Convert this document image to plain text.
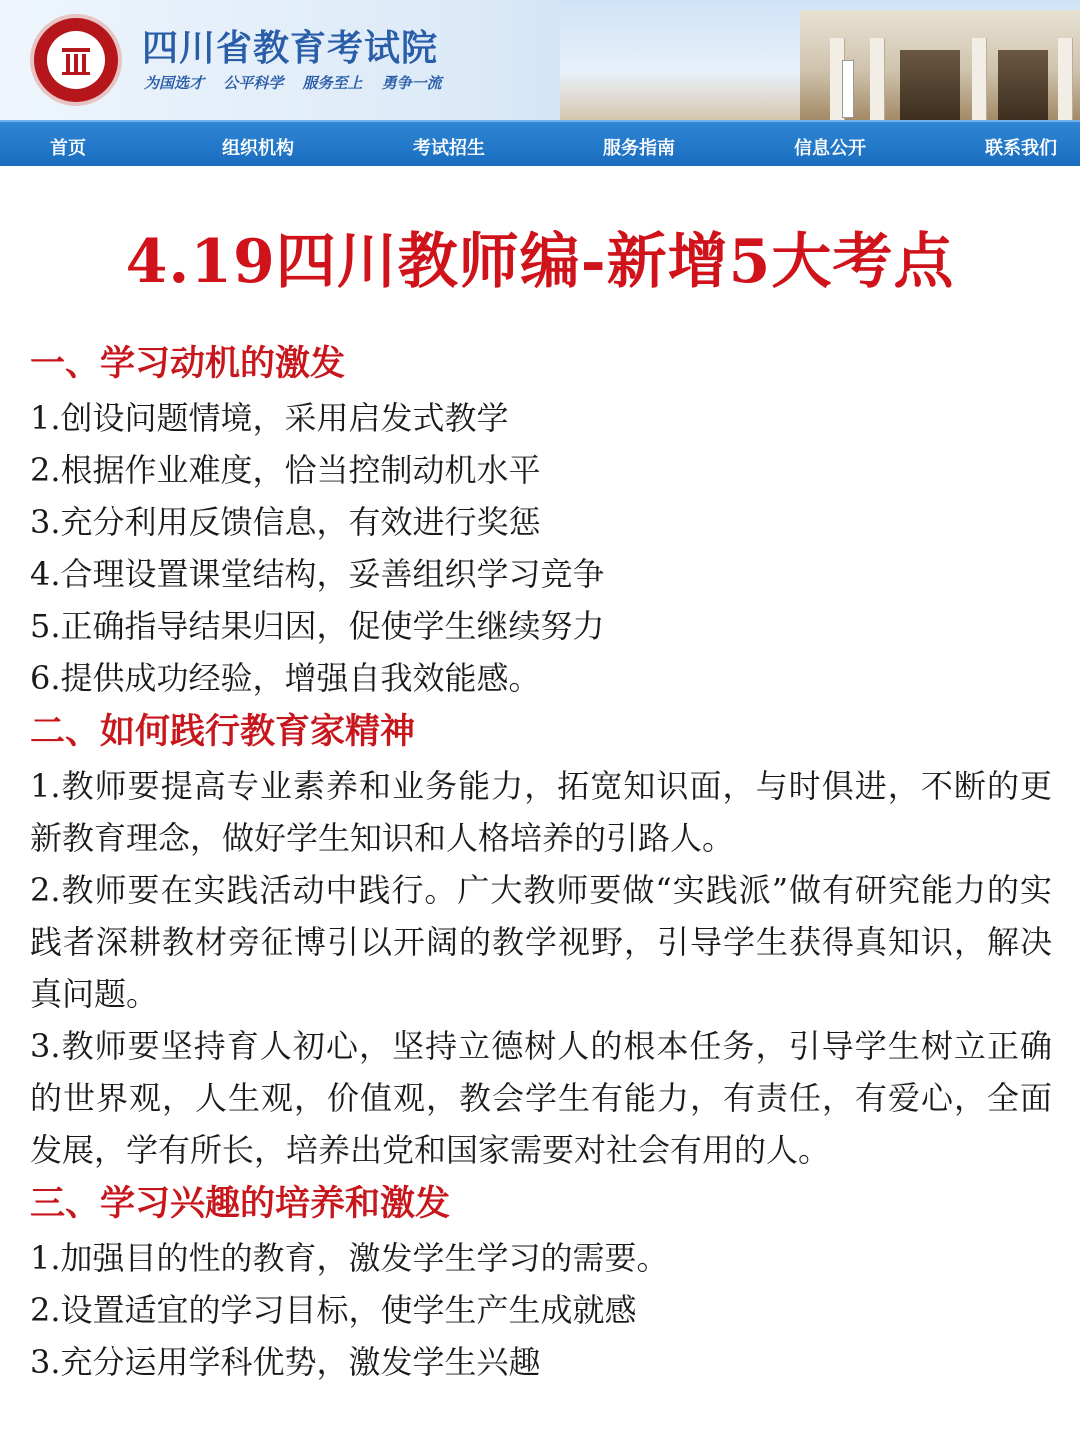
四川省教育考试院
为国选才 公平科学 服务至上 勇争一流
首页	组织机构	考试招生	服务指南	信息公开	联系我们
4.19四川教师编-新增5大考点
一、学习动机的激发

1.创设问题情境，采用启发式教学

2.根据作业难度，恰当控制动机水平

3.充分利用反馈信息，有效进行奖惩

4.合理设置课堂结构，妥善组织学习竞争

5.正确指导结果归因，促使学生继续努力

6.提供成功经验，增强自我效能感。

二、如何践行教育家精神

1.教师要提高专业素养和业务能力，拓宽知识面，与时俱进，不断的更新教育理念，做好学生知识和人格培养的引路人。

2.教师要在实践活动中践行。广大教师要做“实践派”做有研究能力的实践者深耕教材旁征博引以开阔的教学视野，引导学生获得真知识，解决真问题。

3.教师要坚持育人初心，坚持立德树人的根本任务，引导学生树立正确的世界观，人生观，价值观，教会学生有能力，有责任，有爱心，全面发展，学有所长，培养出党和国家需要对社会有用的人。

三、学习兴趣的培养和激发

1.加强目的性的教育，激发学生学习的需要。

2.设置适宜的学习目标，使学生产生成就感

3.充分运用学科优势，激发学生兴趣
